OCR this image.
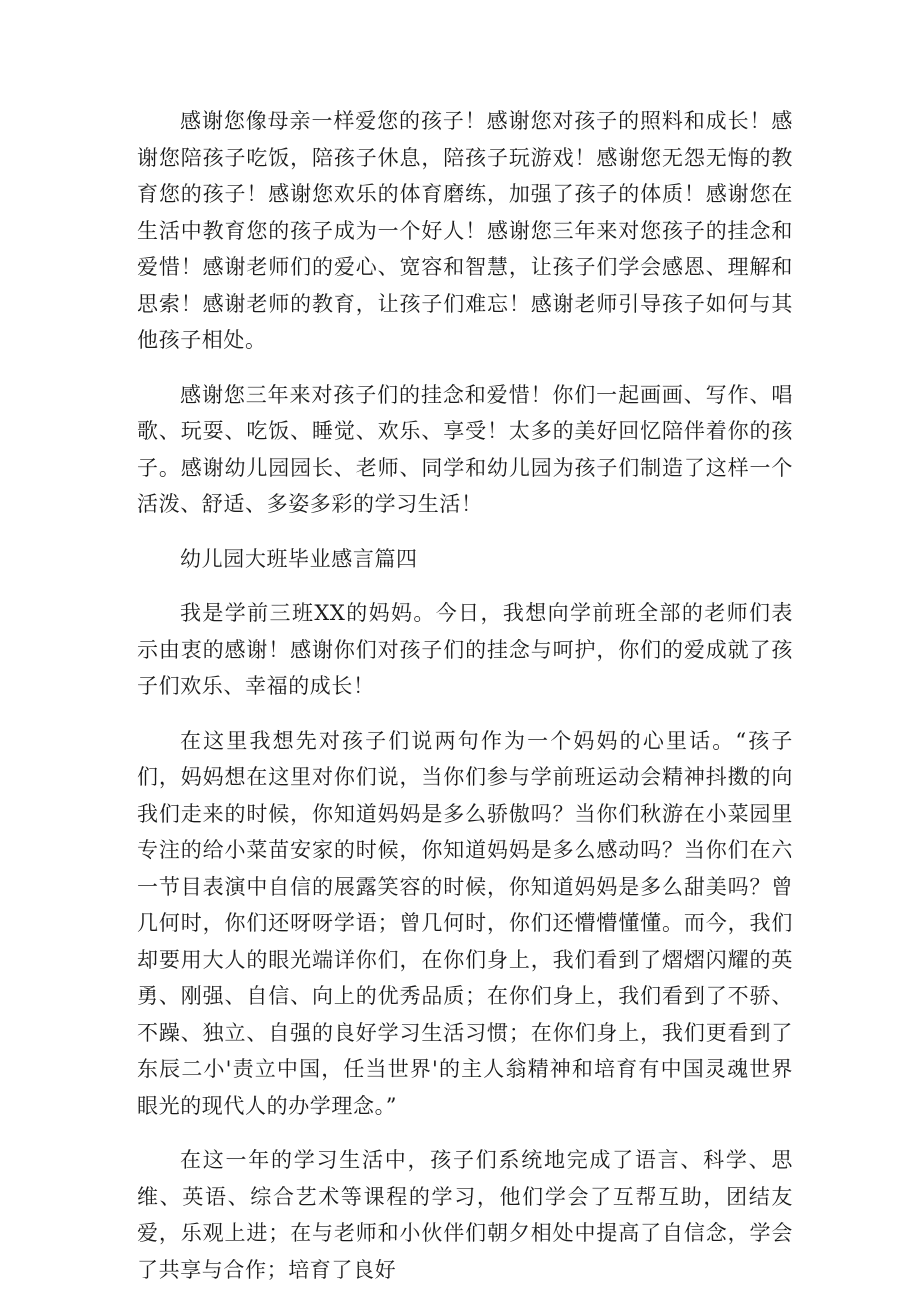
感谢您像母亲一样爱您的孩子！感谢您对孩子的照料和成长！感谢您陪孩子吃饭，陪孩子休息，陪孩子玩游戏！感谢您无怨无悔的教育您的孩子！感谢您欢乐的体育磨练，加强了孩子的体质！感谢您在生活中教育您的孩子成为一个好人！感谢您三年来对您孩子的挂念和爱惜！感谢老师们的爱心、宽容和智慧，让孩子们学会感恩、理解和思索！感谢老师的教育，让孩子们难忘！感谢老师引导孩子如何与其他孩子相处。

感谢您三年来对孩子们的挂念和爱惜！你们一起画画、写作、唱歌、玩耍、吃饭、睡觉、欢乐、享受！太多的美好回忆陪伴着你的孩子。感谢幼儿园园长、老师、同学和幼儿园为孩子们制造了这样一个活泼、舒适、多姿多彩的学习生活！

幼儿园大班毕业感言篇四

我是学前三班XX的妈妈。今日，我想向学前班全部的老师们表示由衷的感谢！感谢你们对孩子们的挂念与呵护，你们的爱成就了孩子们欢乐、幸福的成长！

在这里我想先对孩子们说两句作为一个妈妈的心里话。“孩子们，妈妈想在这里对你们说，当你们参与学前班运动会精神抖擞的向我们走来的时候，你知道妈妈是多么骄傲吗？当你们秋游在小菜园里专注的给小菜苗安家的时候，你知道妈妈是多么感动吗？当你们在六一节目表演中自信的展露笑容的时候，你知道妈妈是多么甜美吗？曾几何时，你们还呀呀学语；曾几何时，你们还懵懵懂懂。而今，我们却要用大人的眼光端详你们，在你们身上，我们看到了熠熠闪耀的英勇、刚强、自信、向上的优秀品质；在你们身上，我们看到了不骄、不躁、独立、自强的良好学习生活习惯；在你们身上，我们更看到了东辰二小'责立中国，任当世界'的主人翁精神和培育有中国灵魂世界眼光的现代人的办学理念。”

在这一年的学习生活中，孩子们系统地完成了语言、科学、思维、英语、综合艺术等课程的学习，他们学会了互帮互助，团结友爱，乐观上进；在与老师和小伙伴们朝夕相处中提高了自信念，学会了共享与合作；培育了良好
